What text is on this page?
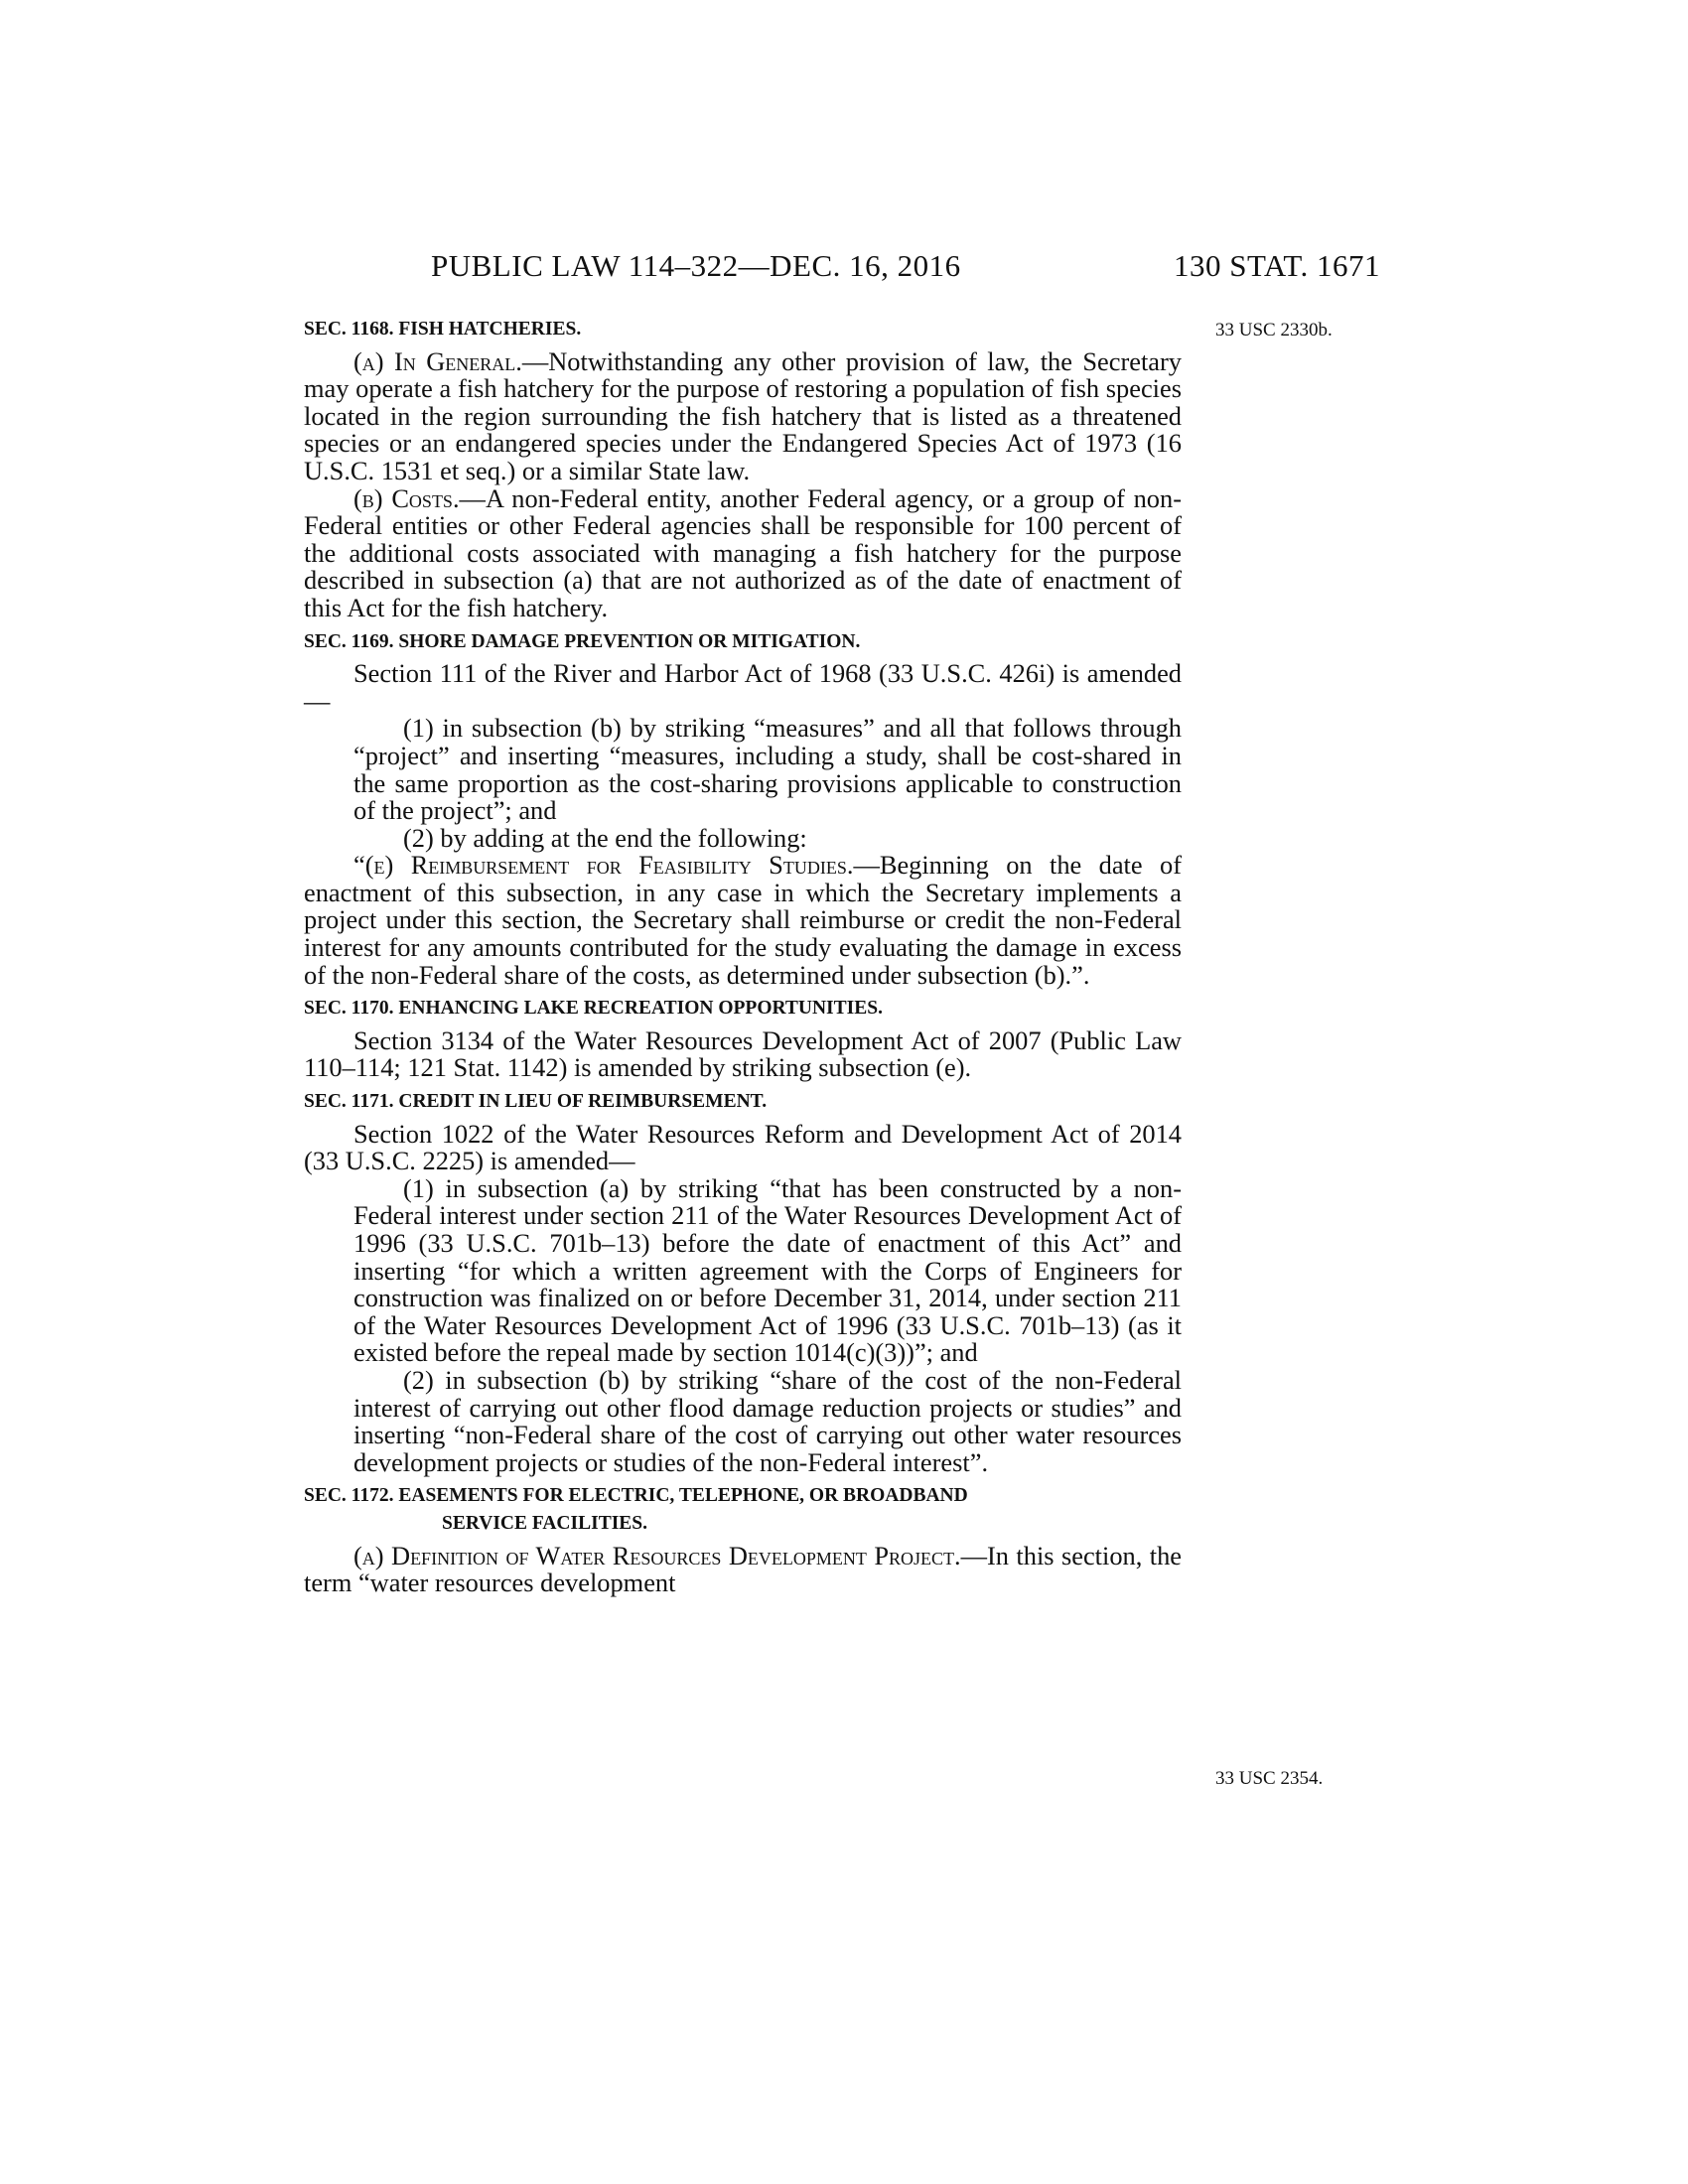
PUBLIC LAW 114–322—DEC. 16, 2016	130 STAT. 1671
33 USC 2330b.
33 USC 2354.
SEC. 1168. FISH HATCHERIES.

(a) In General.—Notwithstanding any other provision of law, the Secretary may operate a fish hatchery for the purpose of restoring a population of fish species located in the region surrounding the fish hatchery that is listed as a threatened species or an endangered species under the Endangered Species Act of 1973 (16 U.S.C. 1531 et seq.) or a similar State law.

(b) Costs.—A non-Federal entity, another Federal agency, or a group of non-Federal entities or other Federal agencies shall be responsible for 100 percent of the additional costs associated with managing a fish hatchery for the purpose described in subsection (a) that are not authorized as of the date of enactment of this Act for the fish hatchery.

SEC. 1169. SHORE DAMAGE PREVENTION OR MITIGATION.

Section 111 of the River and Harbor Act of 1968 (33 U.S.C. 426i) is amended—

(1) in subsection (b) by striking “measures” and all that follows through “project” and inserting “measures, including a study, shall be cost-shared in the same proportion as the cost-sharing provisions applicable to construction of the project”; and

(2) by adding at the end the following:

“(e) Reimbursement for Feasibility Studies.—Beginning on the date of enactment of this subsection, in any case in which the Secretary implements a project under this section, the Secretary shall reimburse or credit the non-Federal interest for any amounts contributed for the study evaluating the damage in excess of the non-Federal share of the costs, as determined under subsection (b).”.

SEC. 1170. ENHANCING LAKE RECREATION OPPORTUNITIES.

Section 3134 of the Water Resources Development Act of 2007 (Public Law 110–114; 121 Stat. 1142) is amended by striking subsection (e).

SEC. 1171. CREDIT IN LIEU OF REIMBURSEMENT.

Section 1022 of the Water Resources Reform and Development Act of 2014 (33 U.S.C. 2225) is amended—

(1) in subsection (a) by striking “that has been constructed by a non-Federal interest under section 211 of the Water Resources Development Act of 1996 (33 U.S.C. 701b–13) before the date of enactment of this Act” and inserting “for which a written agreement with the Corps of Engineers for construction was finalized on or before December 31, 2014, under section 211 of the Water Resources Development Act of 1996 (33 U.S.C. 701b–13) (as it existed before the repeal made by section 1014(c)(3))”; and

(2) in subsection (b) by striking “share of the cost of the non-Federal interest of carrying out other flood damage reduction projects or studies” and inserting “non-Federal share of the cost of carrying out other water resources development projects or studies of the non-Federal interest”.

SEC. 1172. EASEMENTS FOR ELECTRIC, TELEPHONE, OR BROADBAND
SERVICE FACILITIES.

(a) Definition of Water Resources Development Project.—In this section, the term “water resources development
